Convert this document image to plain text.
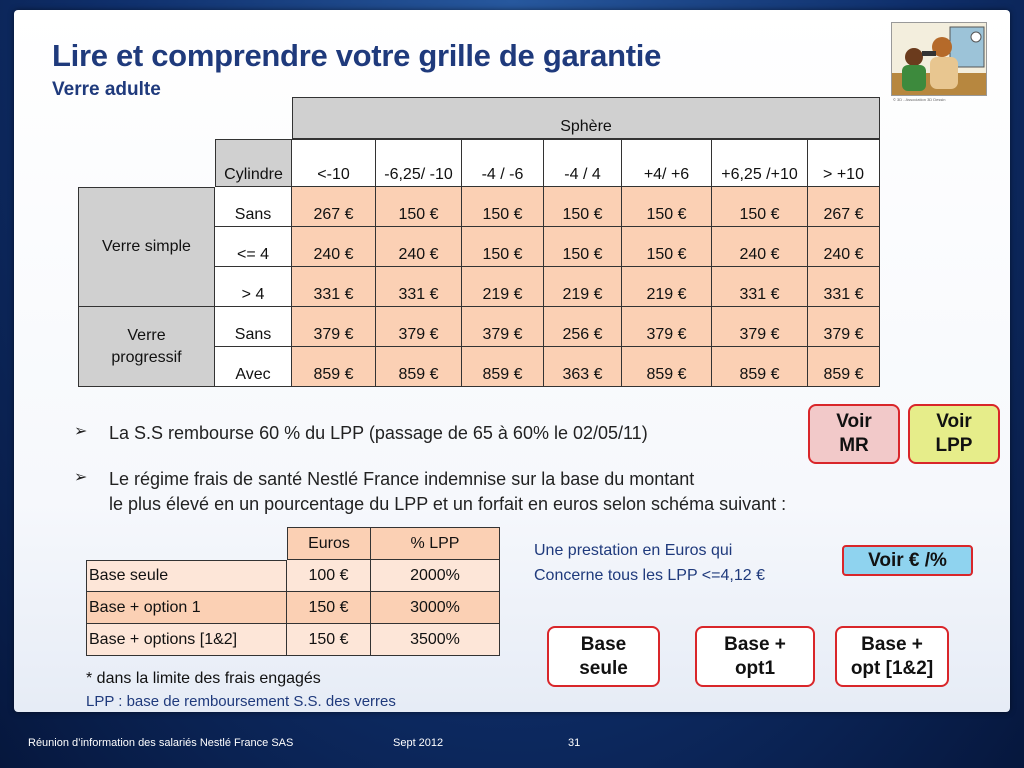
Lire et comprendre votre grille de garantie
Verre adulte	© 3D - Association 3D Dessin
Sphère
Cylindre	<-10	-6,25/ -10	-4 / -6	-4 / 4	+4/ +6	+6,25 /+10	> +10
Verre simple
Sans	267 €	150 €	150 €	150 €	150 €	150 €	267 €
<= 4	240 €	240 €	150 €	150 €	150 €	240 €	240 €
> 4	331 €	331 €	219 €	219 €	219 €	331 €	331 €
Verre
progressif
Sans	379 €	379 €	379 €	256 €	379 €	379 €	379 €
Avec	859 €	859 €	859 €	363 €	859 €	859 €	859 €
➢ La S.S rembourse 60 % du LPP (passage de 65 à 60% le 02/05/11)
➢ Le régime frais de santé Nestlé France indemnise sur la base du montant
le plus élevé en un pourcentage du LPP et un forfait en euros selon schéma suivant :
Voir
MR
Voir
LPP
Voir € /%
Base
seule
Base +
opt1
Base +
opt [1&2]
Euros	% LPP
Base seule	100 €	2000%
Base + option 1	150 €	3000%
Base + options [1&2]	150 €	3500%
Une prestation en Euros qui
Concerne tous les LPP <=4,12 €
* dans la limite des frais engagés
LPP : base de remboursement S.S. des verres
Réunion d’information des salariés Nestlé France SAS	Sept 2012	31
